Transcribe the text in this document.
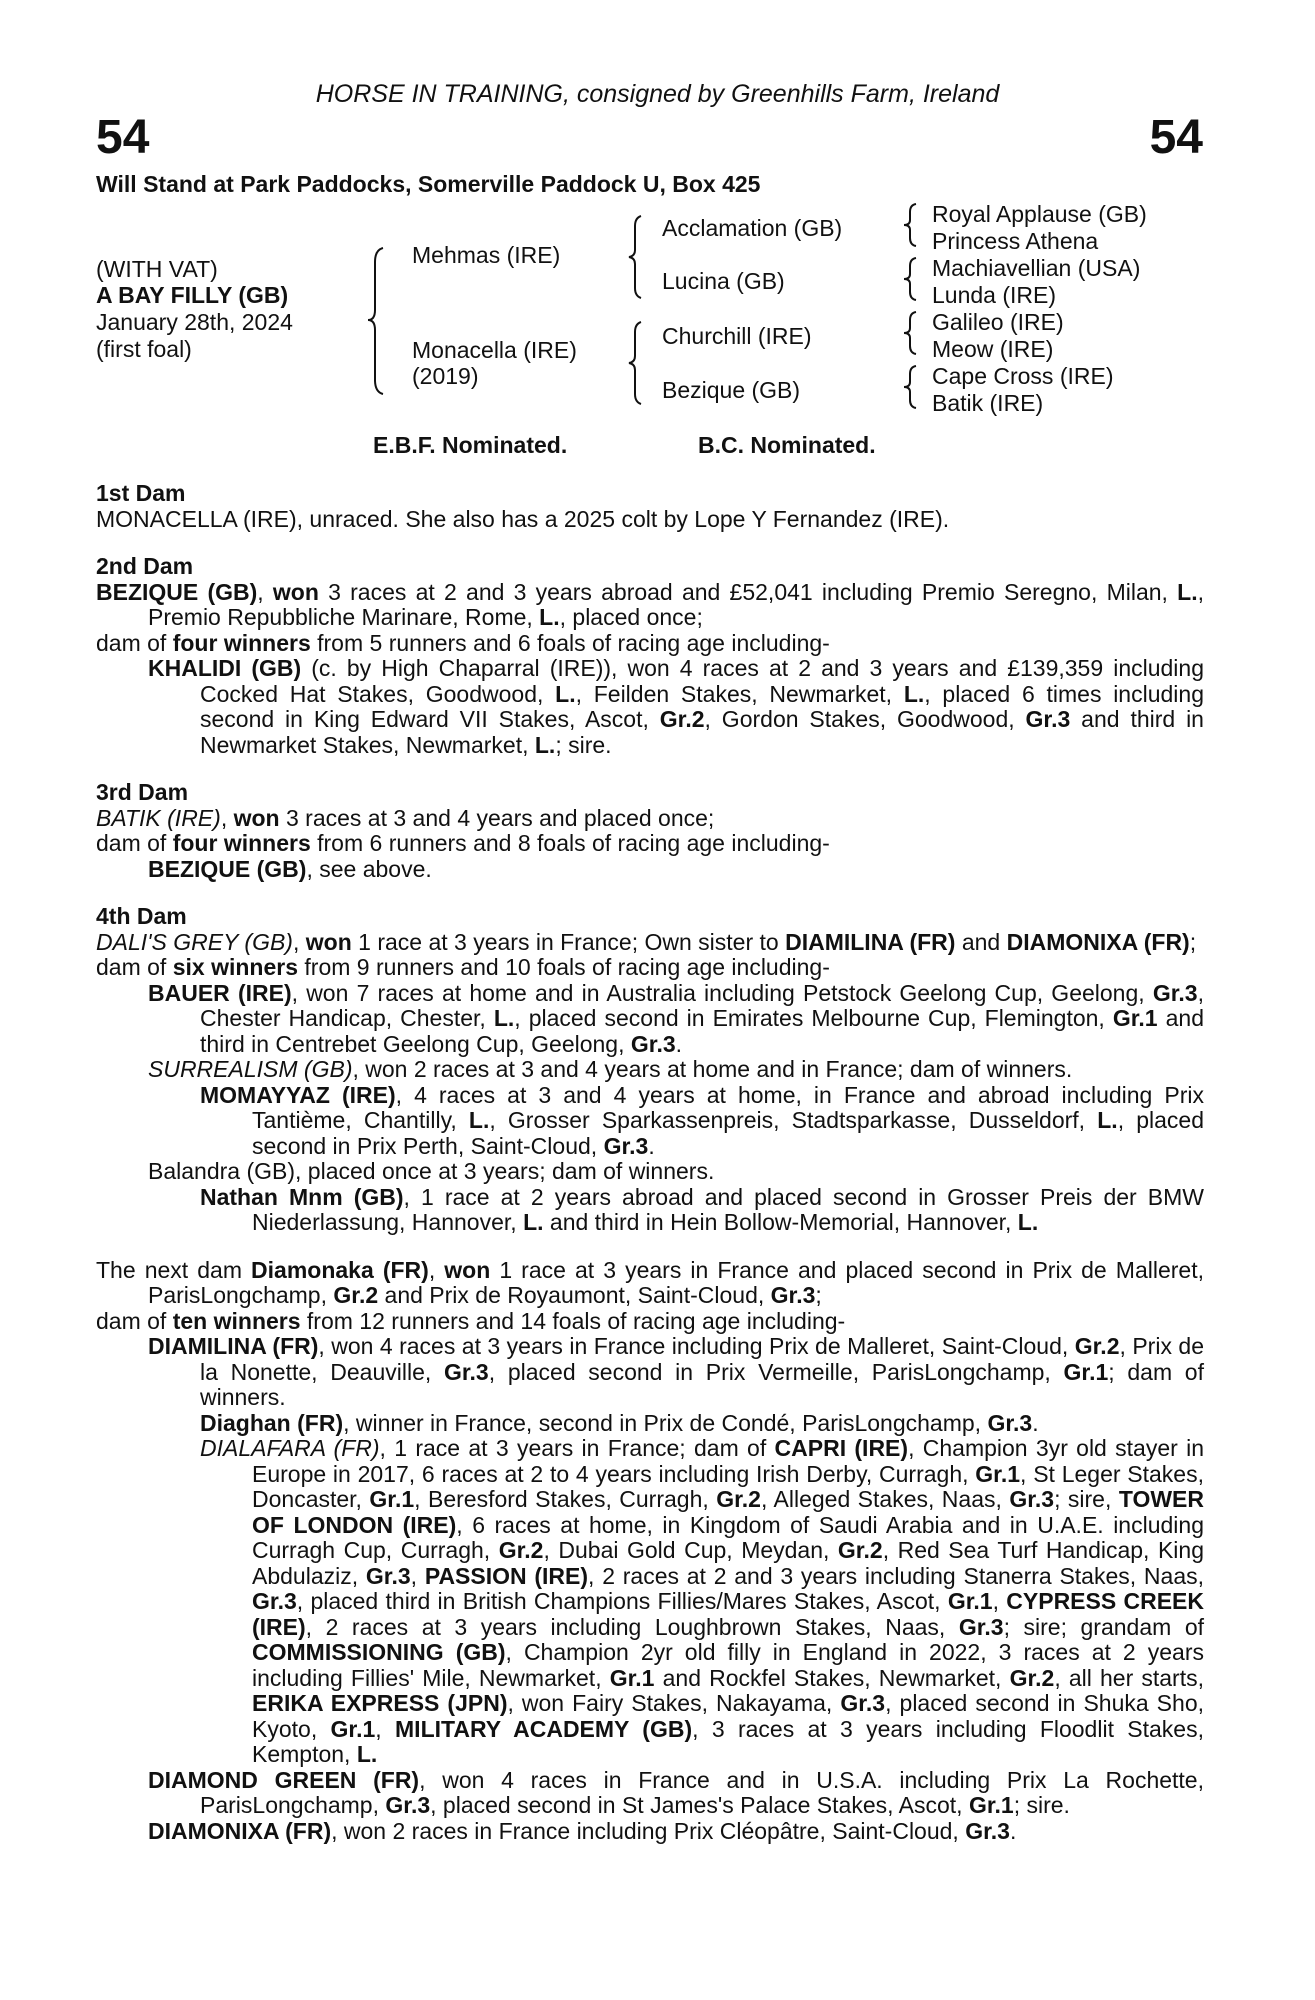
HORSE IN TRAINING, consigned by Greenhills Farm, Ireland
54	54
Will Stand at Park Paddocks, Somerville Paddock U, Box 425
(WITH VAT)
A BAY FILLY (GB)
January 28th, 2024
(first foal)
Mehmas (IRE)
Monacella (IRE)
(2019)
Acclamation (GB)
Lucina (GB)
Churchill (IRE)
Bezique (GB)
Royal Applause (GB)
Princess Athena
Machiavellian (USA)
Lunda (IRE)
Galileo (IRE)
Meow (IRE)
Cape Cross (IRE)
Batik (IRE)
E.B.F. Nominated.	B.C. Nominated.

1st Dam

MONACELLA (IRE), unraced. She also has a 2025 colt by Lope Y Fernandez (IRE).

2nd Dam

BEZIQUE (GB), won 3 races at 2 and 3 years abroad and £52,041 including Premio Seregno, Milan, L., Premio Repubbliche Marinare, Rome, L., placed once;

dam of four winners from 5 runners and 6 foals of racing age including-

KHALIDI (GB) (c. by High Chaparral (IRE)), won 4 races at 2 and 3 years and £139,359 including Cocked Hat Stakes, Goodwood, L., Feilden Stakes, Newmarket, L., placed 6 times including second in King Edward VII Stakes, Ascot, Gr.2, Gordon Stakes, Goodwood, Gr.3 and third in Newmarket Stakes, Newmarket, L.; sire.

3rd Dam

BATIK (IRE), won 3 races at 3 and 4 years and placed once;

dam of four winners from 6 runners and 8 foals of racing age including-

BEZIQUE (GB), see above.

4th Dam

DALI'S GREY (GB), won 1 race at 3 years in France; Own sister to DIAMILINA (FR) and DIAMONIXA (FR);

dam of six winners from 9 runners and 10 foals of racing age including-

BAUER (IRE), won 7 races at home and in Australia including Petstock Geelong Cup, Geelong, Gr.3, Chester Handicap, Chester, L., placed second in Emirates Melbourne Cup, Flemington, Gr.1 and third in Centrebet Geelong Cup, Geelong, Gr.3.

SURREALISM (GB), won 2 races at 3 and 4 years at home and in France; dam of winners.

MOMAYYAZ (IRE), 4 races at 3 and 4 years at home, in France and abroad including Prix Tantième, Chantilly, L., Grosser Sparkassenpreis, Stadtsparkasse, Dusseldorf, L., placed second in Prix Perth, Saint-Cloud, Gr.3.

Balandra (GB), placed once at 3 years; dam of winners.

Nathan Mnm (GB), 1 race at 2 years abroad and placed second in Grosser Preis der BMW Niederlassung, Hannover, L. and third in Hein Bollow-Memorial, Hannover, L.

The next dam Diamonaka (FR), won 1 race at 3 years in France and placed second in Prix de Malleret, ParisLongchamp, Gr.2 and Prix de Royaumont, Saint-Cloud, Gr.3;

dam of ten winners from 12 runners and 14 foals of racing age including-

DIAMILINA (FR), won 4 races at 3 years in France including Prix de Malleret, Saint-Cloud, Gr.2, Prix de la Nonette, Deauville, Gr.3, placed second in Prix Vermeille, ParisLongchamp, Gr.1; dam of winners.

Diaghan (FR), winner in France, second in Prix de Condé, ParisLongchamp, Gr.3.

DIALAFARA (FR), 1 race at 3 years in France; dam of CAPRI (IRE), Champion 3yr old stayer in Europe in 2017, 6 races at 2 to 4 years including Irish Derby, Curragh, Gr.1, St Leger Stakes, Doncaster, Gr.1, Beresford Stakes, Curragh, Gr.2, Alleged Stakes, Naas, Gr.3; sire, TOWER OF LONDON (IRE), 6 races at home, in Kingdom of Saudi Arabia and in U.A.E. including Curragh Cup, Curragh, Gr.2, Dubai Gold Cup, Meydan, Gr.2, Red Sea Turf Handicap, King Abdulaziz, Gr.3, PASSION (IRE), 2 races at 2 and 3 years including Stanerra Stakes, Naas, Gr.3, placed third in British Champions Fillies/Mares Stakes, Ascot, Gr.1, CYPRESS CREEK (IRE), 2 races at 3 years including Loughbrown Stakes, Naas, Gr.3; sire; grandam of COMMISSIONING (GB), Champion 2yr old filly in England in 2022, 3 races at 2 years including Fillies' Mile, Newmarket, Gr.1 and Rockfel Stakes, Newmarket, Gr.2, all her starts, ERIKA EXPRESS (JPN), won Fairy Stakes, Nakayama, Gr.3, placed second in Shuka Sho, Kyoto, Gr.1, MILITARY ACADEMY (GB), 3 races at 3 years including Floodlit Stakes, Kempton, L.

DIAMOND GREEN (FR), won 4 races in France and in U.S.A. including Prix La Rochette, ParisLongchamp, Gr.3, placed second in St James's Palace Stakes, Ascot, Gr.1; sire.

DIAMONIXA (FR), won 2 races in France including Prix Cléopâtre, Saint-Cloud, Gr.3.
